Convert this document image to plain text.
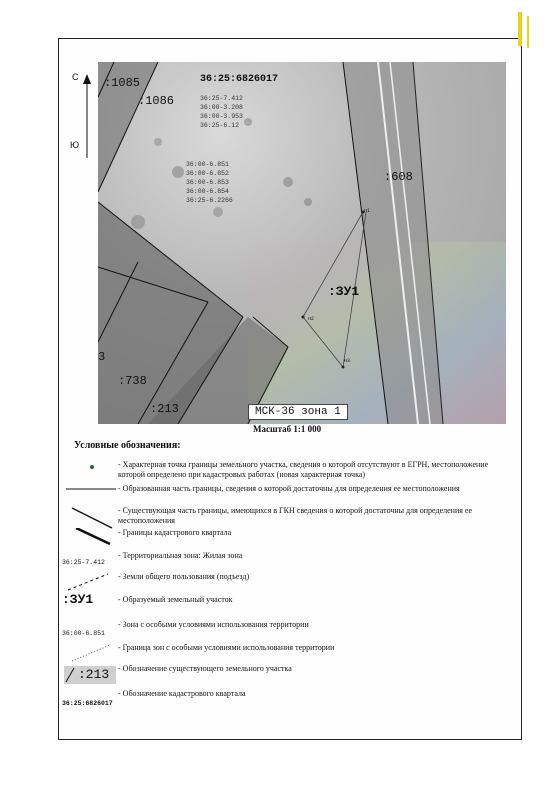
С
Ю
:1085
:1086
36:25:6826017
36:25-7.412
36:00-3.208
36:00-3.953
36:25-6.12
36:00-6.851
36:00-6.852
36:00-6.853
36:00-6.854
36:25-6.2266
:608
:ЗУ1
н1
н2
н3
3
:738
:213	МСК-36 зона 1
Масштаб 1:1 000
Условные обозначения:
- Характерная точка границы земельного участка, сведения о которой отсутствуют в ЕГРН, местоположение которой определено при кадастровых работах (новая характерная точка)
- Образованная часть границы, сведения о которой достаточны для определения ее местоположения
- Существующая часть границы, имеющихся в ГКН сведения о которой достаточны для определения ее местоположения
- Границы кадастрового квартала
36:25-7.412
- Территориальная зона: Жилая зона
- Земли общего пользования (подъезд)
:ЗУ1	- Образуемый земельный участок
36:00-6.851
- Зона с особыми условиями использования территории
- Граница зон с особыми условиями использования территории
:213 - Обозначение существующего земельного участка
36:25:6826017
- Обозначение кадастрового квартала
